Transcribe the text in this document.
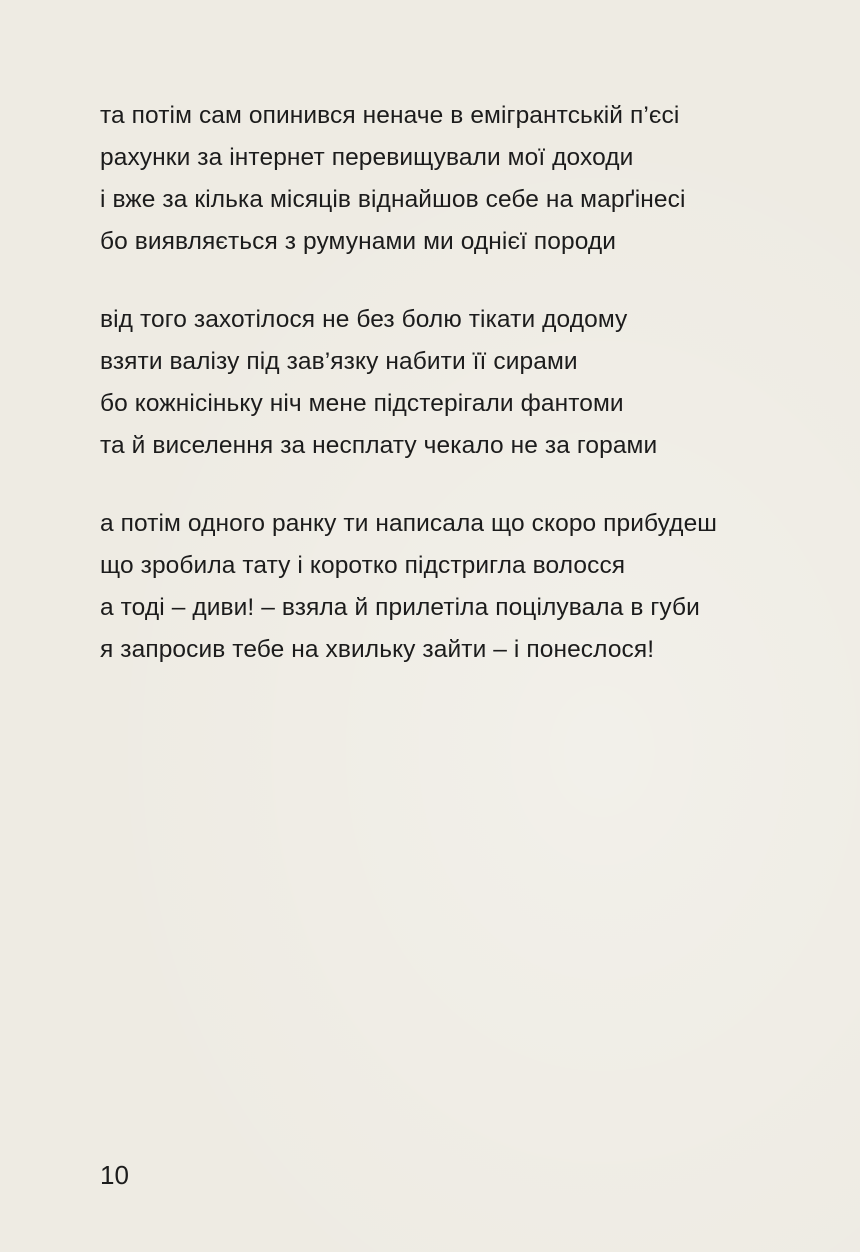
та потім сам опинився неначе в емігрантській п’єсі
рахунки за інтернет перевищували мої доходи
і вже за кілька місяців віднайшов себе на марґінесі
бо виявляється з румунами ми однієї породи
від того захотілося не без болю тікати додому
взяти валізу під зав’язку набити її сирами
бо кожнісіньку ніч мене підстерігали фантоми
та й виселення за несплату чекало не за горами
а потім одного ранку ти написала що скоро прибудеш
що зробила тату і коротко підстригла волосся
а тоді – диви! – взяла й прилетіла поцілувала в губи
я запросив тебе на хвильку зайти – і понеслося!
10
